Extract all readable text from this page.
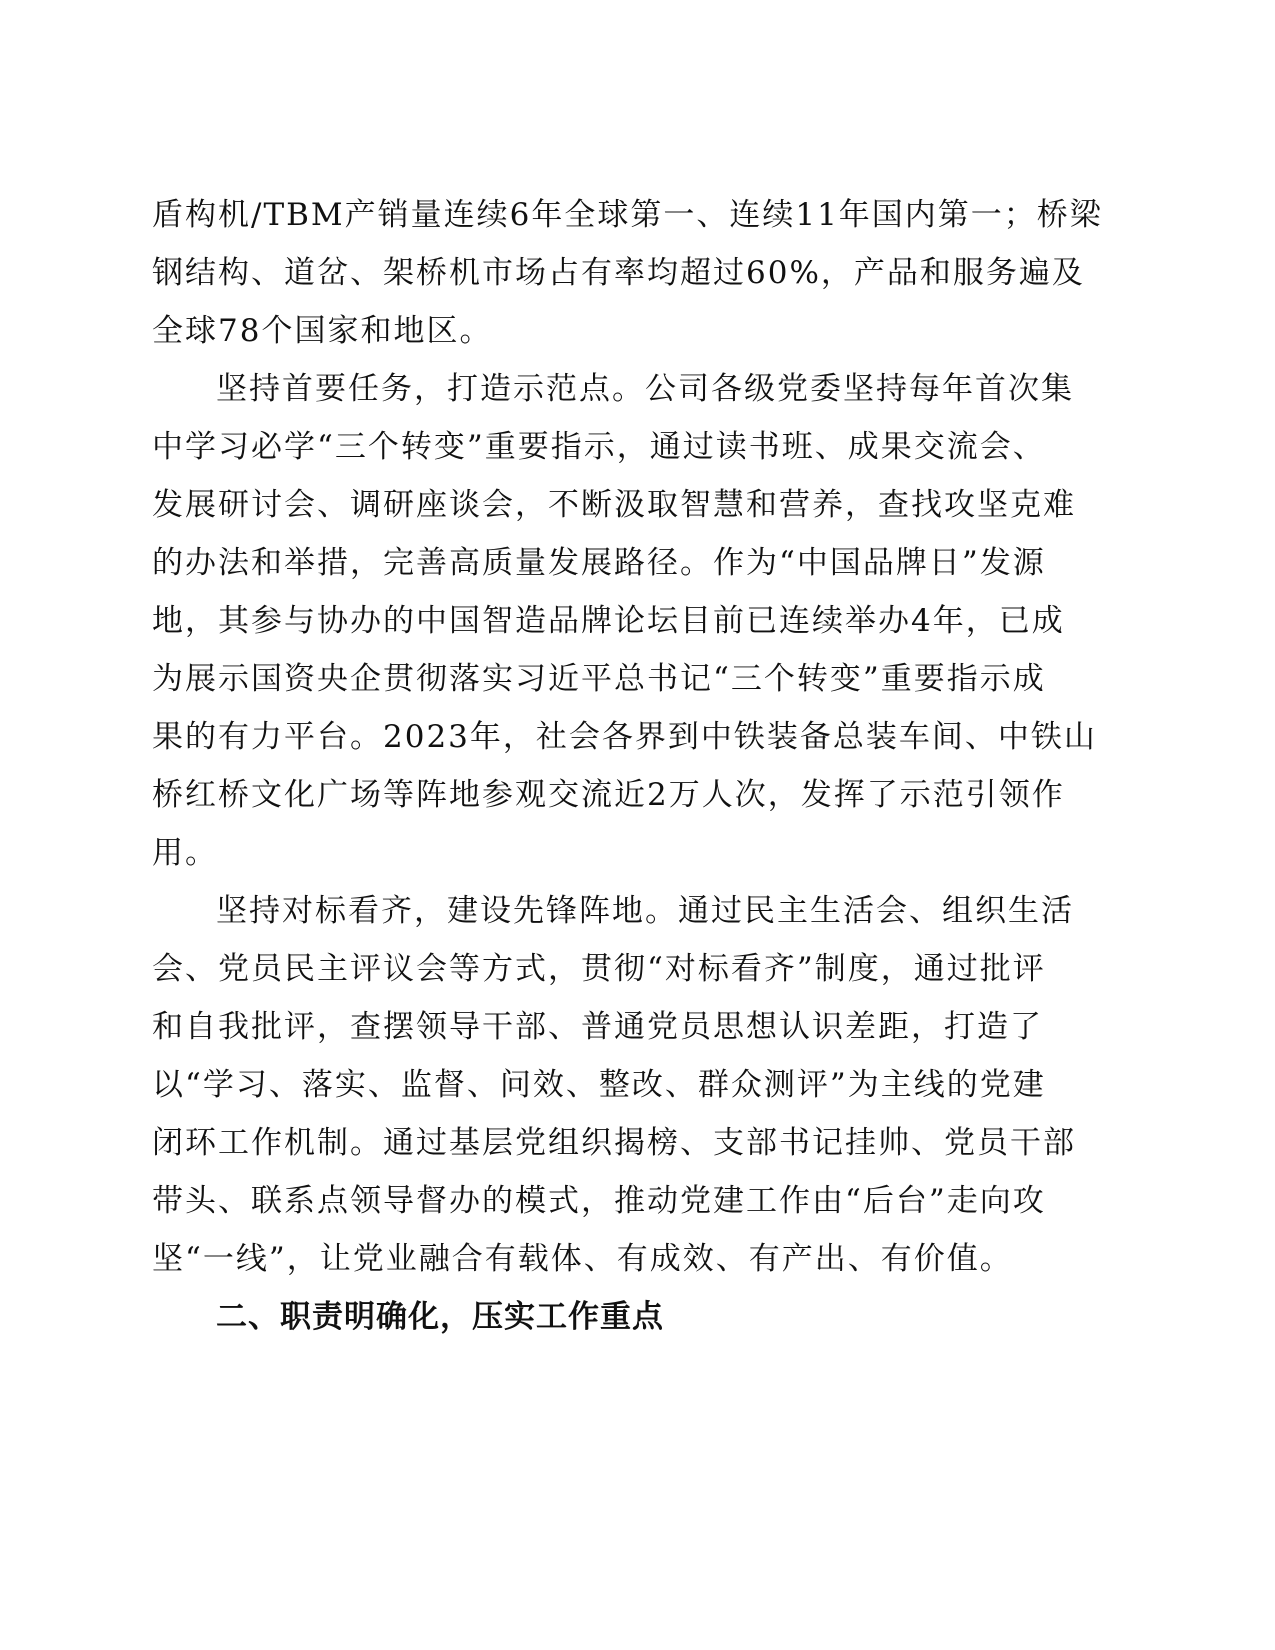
盾构机/TBM产销量连续6年全球第一、连续11年国内第一；桥梁
钢结构、道岔、架桥机市场占有率均超过60%，产品和服务遍及
全球78个国家和地区。
坚持首要任务，打造示范点。公司各级党委坚持每年首次集
中学习必学“三个转变”重要指示，通过读书班、成果交流会、
发展研讨会、调研座谈会，不断汲取智慧和营养，查找攻坚克难
的办法和举措，完善高质量发展路径。作为“中国品牌日”发源
地，其参与协办的中国智造品牌论坛目前已连续举办4年，已成
为展示国资央企贯彻落实习近平总书记“三个转变”重要指示成
果的有力平台。2023年，社会各界到中铁装备总装车间、中铁山
桥红桥文化广场等阵地参观交流近2万人次，发挥了示范引领作
用。
坚持对标看齐，建设先锋阵地。通过民主生活会、组织生活
会、党员民主评议会等方式，贯彻“对标看齐”制度，通过批评
和自我批评，查摆领导干部、普通党员思想认识差距，打造了
以“学习、落实、监督、问效、整改、群众测评”为主线的党建
闭环工作机制。通过基层党组织揭榜、支部书记挂帅、党员干部
带头、联系点领导督办的模式，推动党建工作由“后台”走向攻
坚“一线”，让党业融合有载体、有成效、有产出、有价值。
二、职责明确化，压实工作重点
